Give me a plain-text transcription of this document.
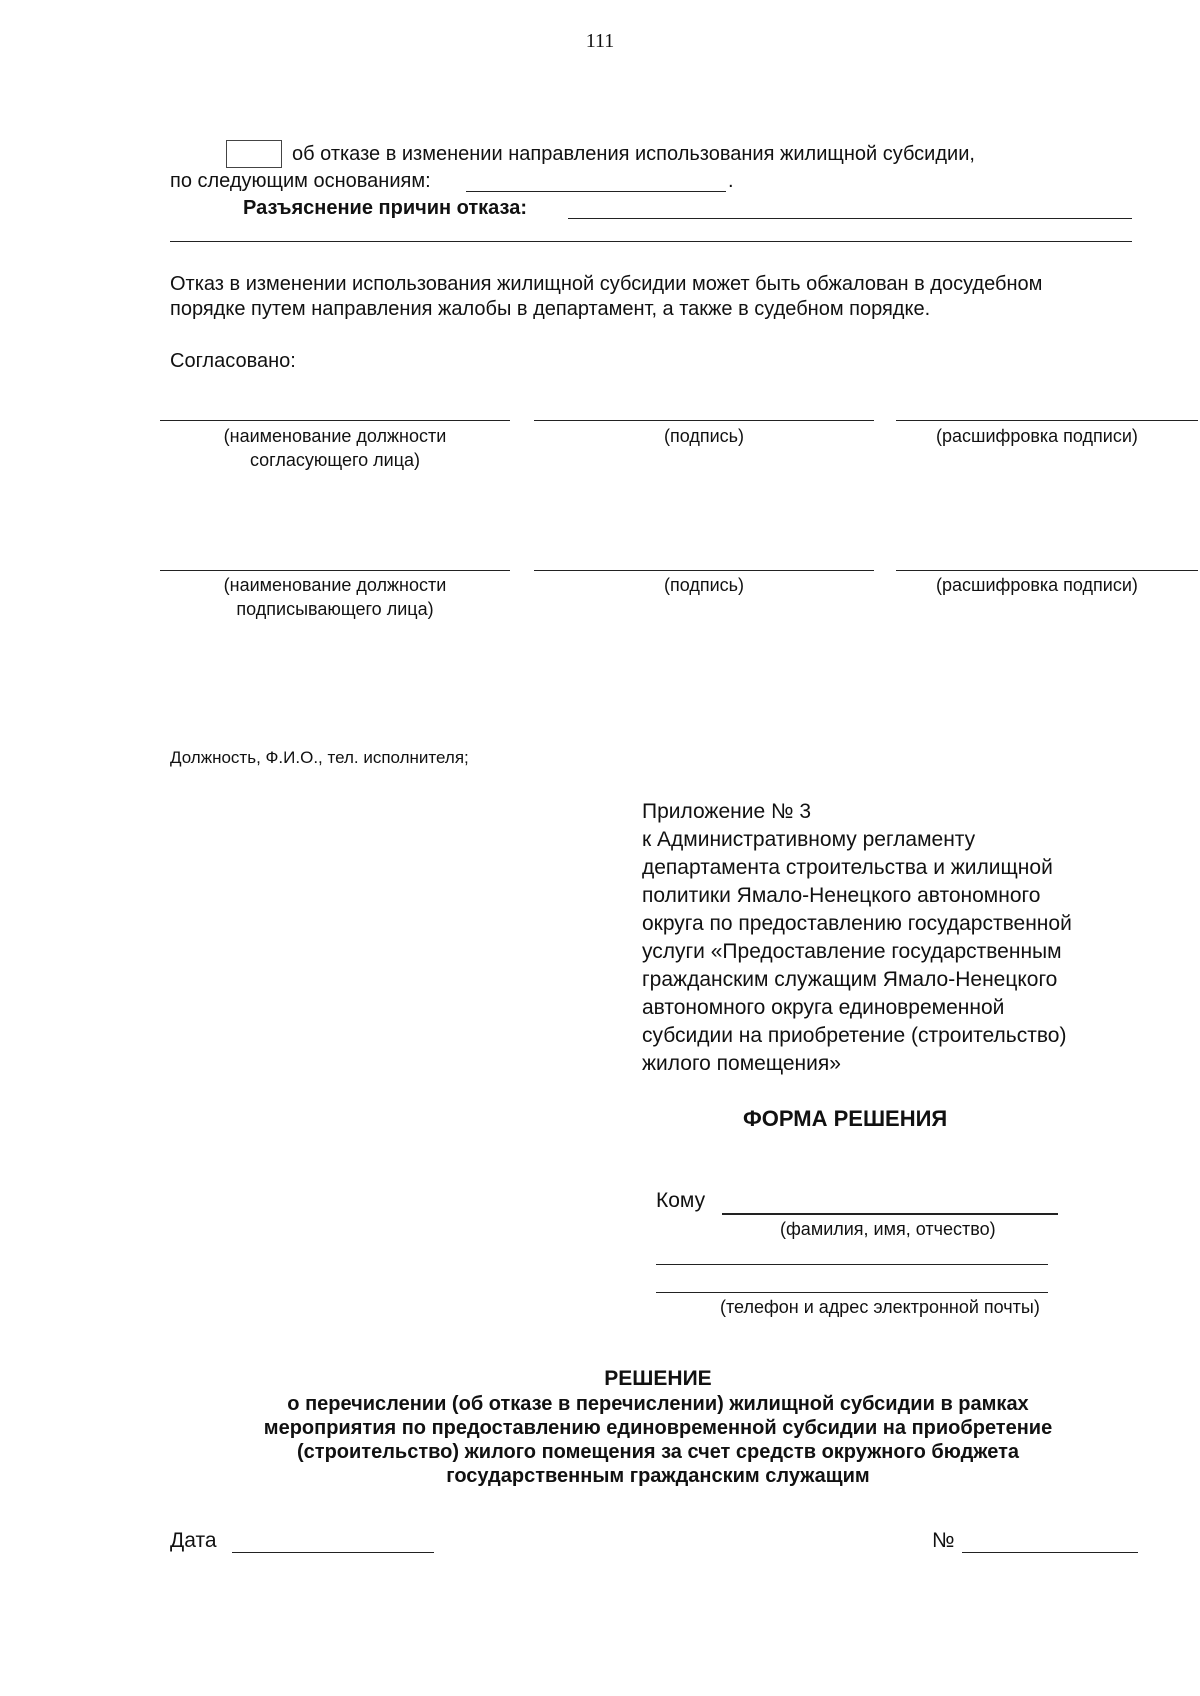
111
об отказе в изменении направления использования жилищной субсидии,
по следующим основаниям:	.
Разъяснение причин отказа:
Отказ в изменении использования жилищной субсидии может быть обжалован в досудебном
порядке путем направления жалобы в департамент, а также в судебном порядке.
Согласовано:
(наименование должности
согласующего лица)
(подпись)	(расшифровка подписи)
(наименование должности
подписывающего лица)
(подпись)	(расшифровка подписи)
Должность, Ф.И.О., тел. исполнителя;
Приложение № 3
к Административному регламенту
департамента строительства и жилищной
политики Ямало-Ненецкого автономного
округа по предоставлению государственной
услуги «Предоставление государственным
гражданским служащим Ямало-Ненецкого
автономного округа единовременной
субсидии на приобретение (строительство)
жилого помещения»
ФОРМА РЕШЕНИЯ
Кому
(фамилия, имя, отчество)
(телефон и адрес электронной почты)
РЕШЕНИЕ
о перечислении (об отказе в перечислении) жилищной субсидии в рамках
мероприятия по предоставлению единовременной субсидии на приобретение
(строительство) жилого помещения за счет средств окружного бюджета
государственным гражданским служащим
Дата	№
